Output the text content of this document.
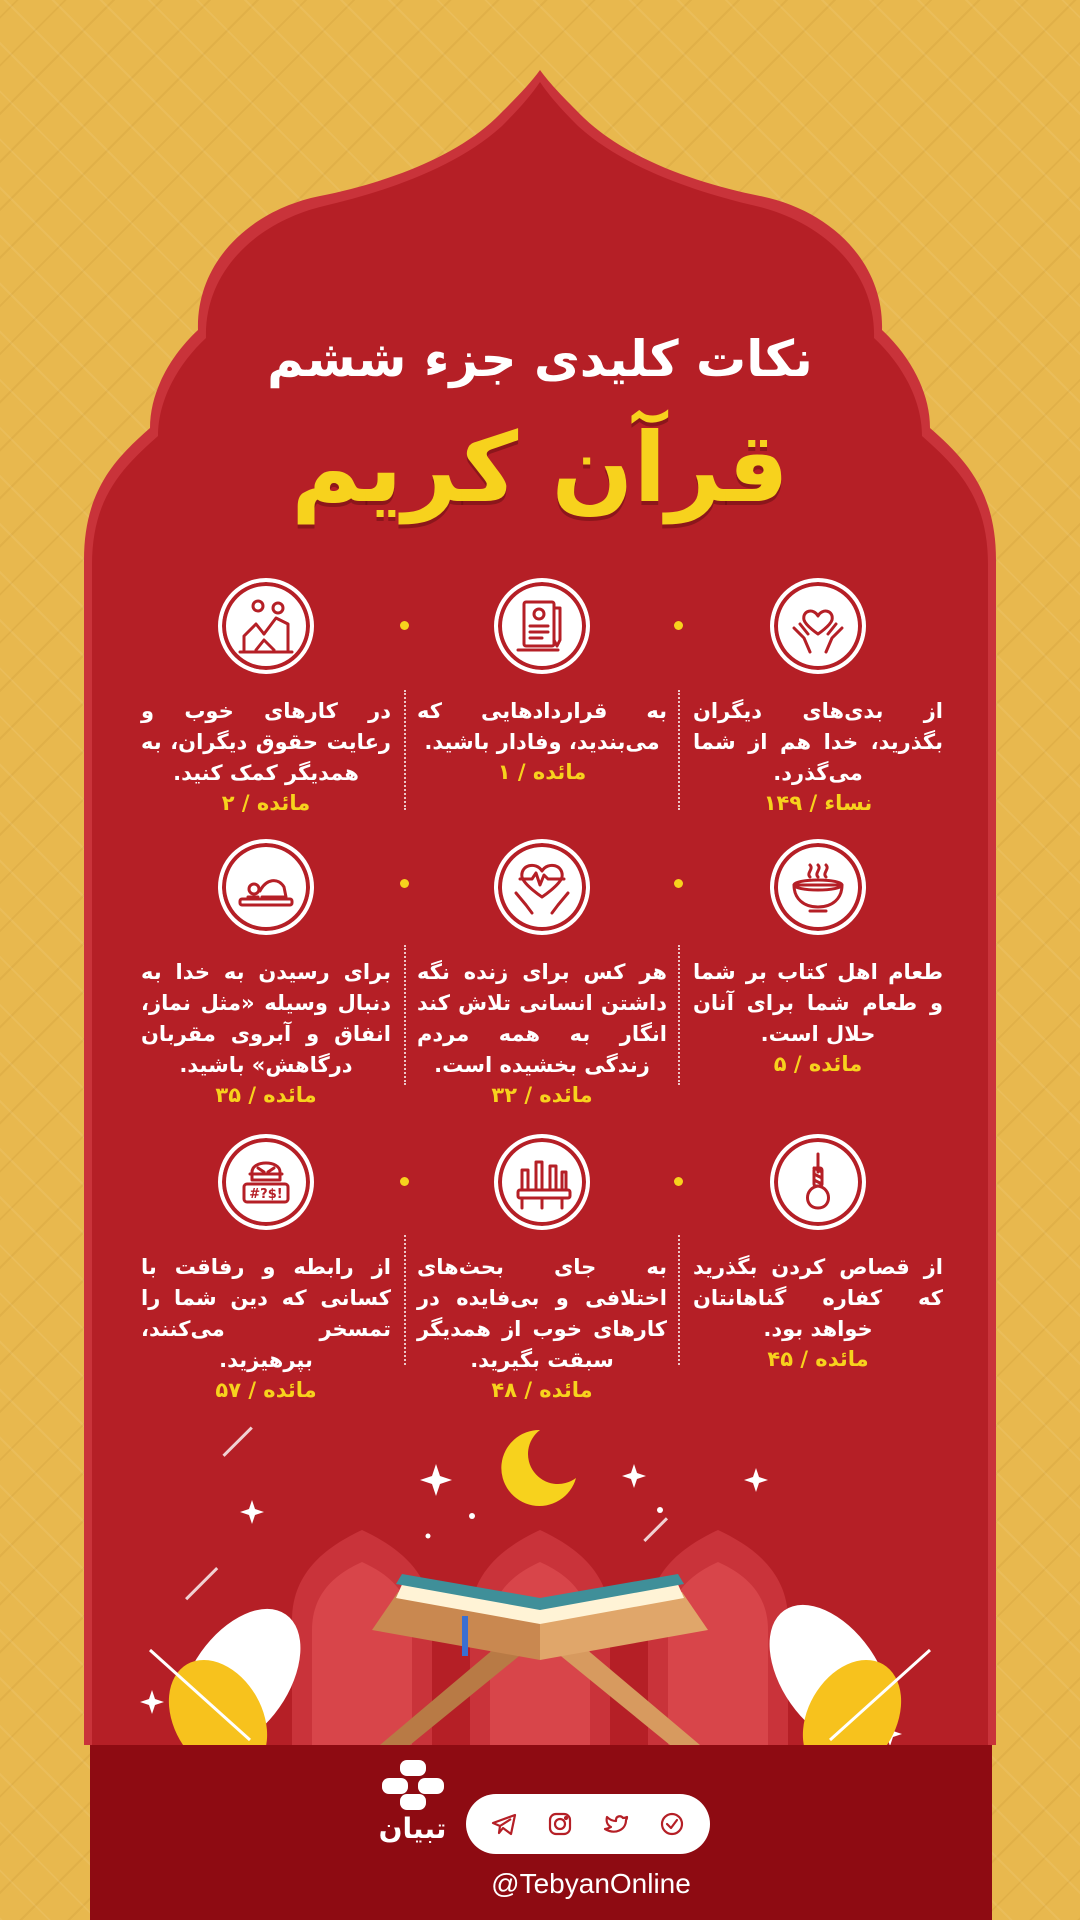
نکات کلیدی جزء ششم
قرآن کریم
از بدی‌های دیگران بگذرید، خدا هم از شما می‌گذرد.
نساء / ۱۴۹
به قراردادهایی که می‌بندید، وفادار باشید.
مائده / ۱
در کارهای خوب و رعایت حقوق دیگران، به همدیگر کمک کنید.
مائده / ۲
طعام اهل کتاب بر شما و طعام شما برای آنان حلال است.
مائده / ۵
هر کس برای زنده نگه داشتن انسانی تلاش کند انگار به همه مردم زندگی بخشیده است.
مائده / ۳۲
برای رسیدن به خدا به دنبال وسیله «مثل نماز، انفاق و آبروی مقربان درگاهش» باشید.
مائده / ۳۵
از قصاص کردن بگذرید که کفاره گناهانتان خواهد بود.
مائده / ۴۵
به جای بحث‌های اختلافی و بی‌فایده در کارهای خوب از همدیگر سبقت بگیرید.
مائده / ۴۸
!$?#
از رابطه و رفاقت با کسانی که دین شما را تمسخر می‌کنند، بپرهیزید.
مائده / ۵۷
تبیان
@TebyanOnline
